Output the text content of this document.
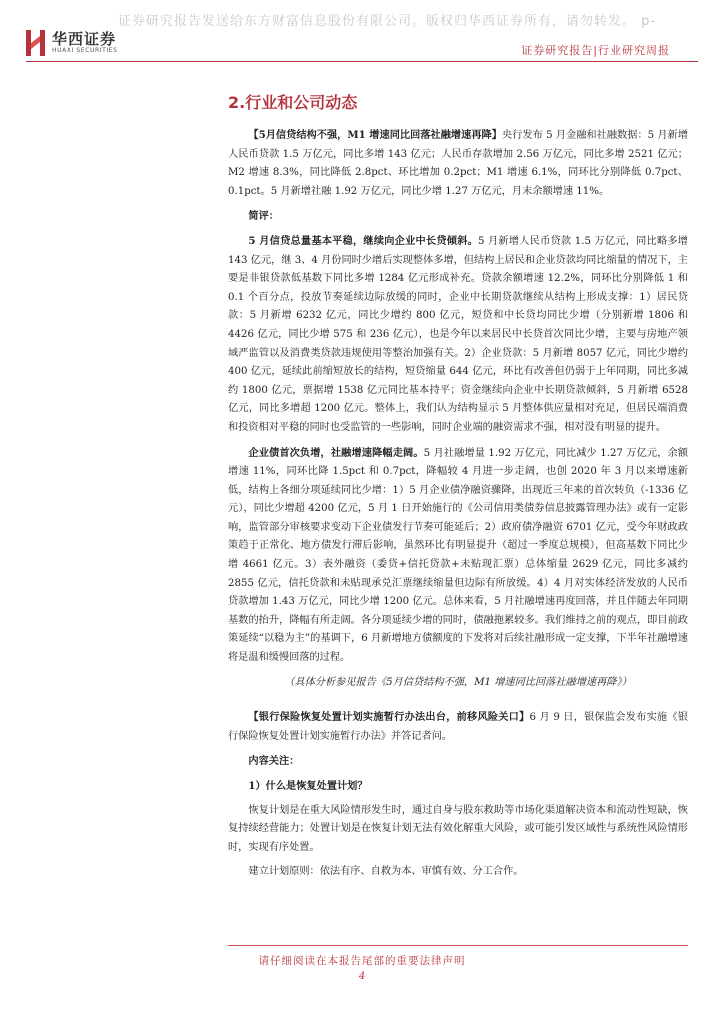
证券研究报告发送给东方财富信息股份有限公司。版权归华西证券所有，请勿转发。 p-
华西证券
HUAXI SECURITIES	证券研究报告|行业研究周报
2.行业和公司动态

【5月信贷结构不强，M1 增速同比回落社融增速再降】央行发布 5 月金融和社融数据：5 月新增人民币贷款 1.5 万亿元，同比多增 143 亿元；人民币存款增加 2.56 万亿元，同比多增 2521 亿元；M2 增速 8.3%，同比降低 2.8pct、环比增加 0.2pct；M1 增速 6.1%，同环比分别降低 0.7pct、0.1pct。5 月新增社融 1.92 万亿元，同比少增 1.27 万亿元，月末余额增速 11%。

简评：

5 月信贷总量基本平稳，继续向企业中长贷倾斜。5 月新增人民币贷款 1.5 万亿元，同比略多增 143 亿元，继 3、4 月份同时少增后实现整体多增，但结构上居民和企业贷款均同比缩量的情况下，主要是非银贷款低基数下同比多增 1284 亿元形成补充。贷款余额增速 12.2%，同环比分别降低 1 和 0.1 个百分点，投放节奏延续边际放缓的同时，企业中长期贷款继续从结构上形成支撑：1）居民贷款：5 月新增 6232 亿元，同比少增约 800 亿元，短贷和中长贷均同比少增（分别新增 1806 和 4426 亿元，同比少增 575 和 236 亿元），也是今年以来居民中长贷首次同比少增，主要与房地产领域严监管以及消费类贷款违规使用等整治加强有关。2）企业贷款：5 月新增 8057 亿元，同比少增约 400 亿元，延续此前缩短放长的结构，短贷缩量 644 亿元，环比有改善但仍弱于上年同期，同比多减约 1800 亿元，票据增 1538 亿元同比基本持平；资金继续向企业中长期贷款倾斜，5 月新增 6528 亿元，同比多增超 1200 亿元。整体上，我们认为结构显示 5 月整体供应量相对充足，但居民端消费和投资相对平稳的同时也受监管的一些影响，同时企业端的融资需求不强，相对没有明显的提升。

企业债首次负增，社融增速降幅走阔。5 月社融增量 1.92 万亿元，同比减少 1.27 万亿元，余额增速 11%，同环比降 1.5pct 和 0.7pct，降幅较 4 月进一步走阔，也创 2020 年 3 月以来增速新低，结构上各细分项延续同比少增：1）5 月企业债净融资骤降，出现近三年来的首次转负（-1336 亿元），同比少增超 4200 亿元，5 月 1 日开始施行的《公司信用类债券信息披露管理办法》或有一定影响，监管部分审核要求变动下企业债发行节奏可能延后；2）政府债净融资 6701 亿元，受今年财政政策趋于正常化、地方债发行滞后影响，虽然环比有明显提升（超过一季度总规模），但高基数下同比少增 4661 亿元。3）表外融资（委贷+信托贷款+未贴现汇票）总体缩量 2629 亿元，同比多减约 2855 亿元，信托贷款和未贴现承兑汇票继续缩量但边际有所放缓。4）4 月对实体经济发放的人民币贷款增加 1.43 万亿元，同比少增 1200 亿元。总体来看，5 月社融增速再度回落，并且伴随去年同期基数的抬升，降幅有所走阔。各分项延续少增的同时，债融拖累较多。我们维持之前的观点，即目前政策延续“以稳为主”的基调下，6 月新增地方债额度的下发将对后续社融形成一定支撑，下半年社融增速将是温和缓慢回落的过程。

（具体分析参见报告《5月信贷结构不强，M1 增速同比回落社融增速再降》）

【银行保险恢复处置计划实施暂行办法出台，前移风险关口】6 月 9 日，银保监会发布实施《银行保险恢复处置计划实施暂行办法》并答记者问。

内容关注：

1）什么是恢复处置计划？

恢复计划是在重大风险情形发生时，通过自身与股东救助等市场化渠道解决资本和流动性短缺，恢复持续经营能力；处置计划是在恢复计划无法有效化解重大风险，或可能引发区域性与系统性风险情形时，实现有序处置。

建立计划原则：依法有序、自救为本、审慎有效、分工合作。

请仔细阅读在本报告尾部的重要法律声明
4
